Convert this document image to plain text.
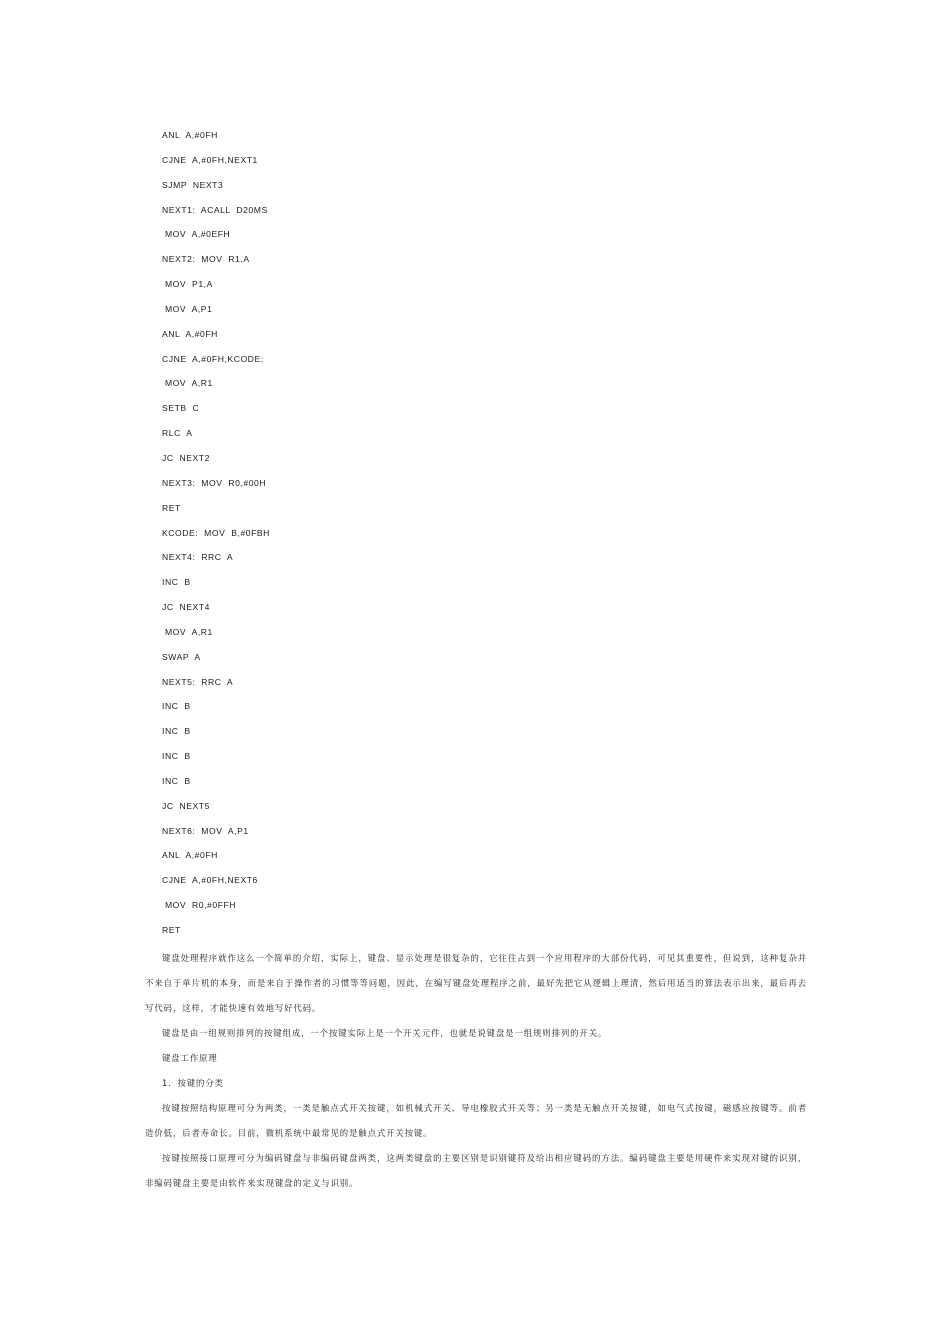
ANL  A,#0FH
CJNE  A,#0FH,NEXT1
SJMP  NEXT3
NEXT1:  ACALL  D20MS
MOV  A,#0EFH
NEXT2:  MOV  R1,A
MOV  P1,A
MOV  A,P1
ANL  A,#0FH
CJNE  A,#0FH,KCODE;
MOV  A,R1
SETB  C
RLC  A
JC  NEXT2
NEXT3:  MOV  R0,#00H
RET
KCODE:  MOV  B,#0FBH
NEXT4:  RRC  A
INC  B
JC  NEXT4
MOV  A,R1
SWAP  A
NEXT5:  RRC  A
INC  B
INC  B
INC  B
INC  B
JC  NEXT5
NEXT6:  MOV  A,P1
ANL  A,#0FH
CJNE  A,#0FH,NEXT6
MOV  R0,#0FFH
RET

键盘处理程序就作这么一个简单的介绍，实际上，键盘、显示处理是很复杂的，它往往占到一个应用程序的大部份代码，可见其重要性，但说到，这种复杂并不来自于单片机的本身，而是来自于操作者的习惯等等问题，因此，在编写键盘处理程序之前，最好先把它从逻辑上理清，然后用适当的算法表示出来，最后再去写代码，这样，才能快速有效地写好代码。

键盘是由一组规则排列的按键组成，一个按键实际上是一个开关元件，也就是说键盘是一组规则排列的开关。

键盘工作原理

1．按键的分类

按键按照结构原理可分为两类，一类是触点式开关按键，如机械式开关、导电橡胶式开关等；另一类是无触点开关按键，如电气式按键，磁感应按键等。前者造价低，后者寿命长。目前，微机系统中最常见的是触点式开关按键。

按键按照接口原理可分为编码键盘与非编码键盘两类，这两类键盘的主要区别是识别键符及给出相应键码的方法。编码键盘主要是用硬件来实现对键的识别，非编码键盘主要是由软件来实现键盘的定义与识别。
